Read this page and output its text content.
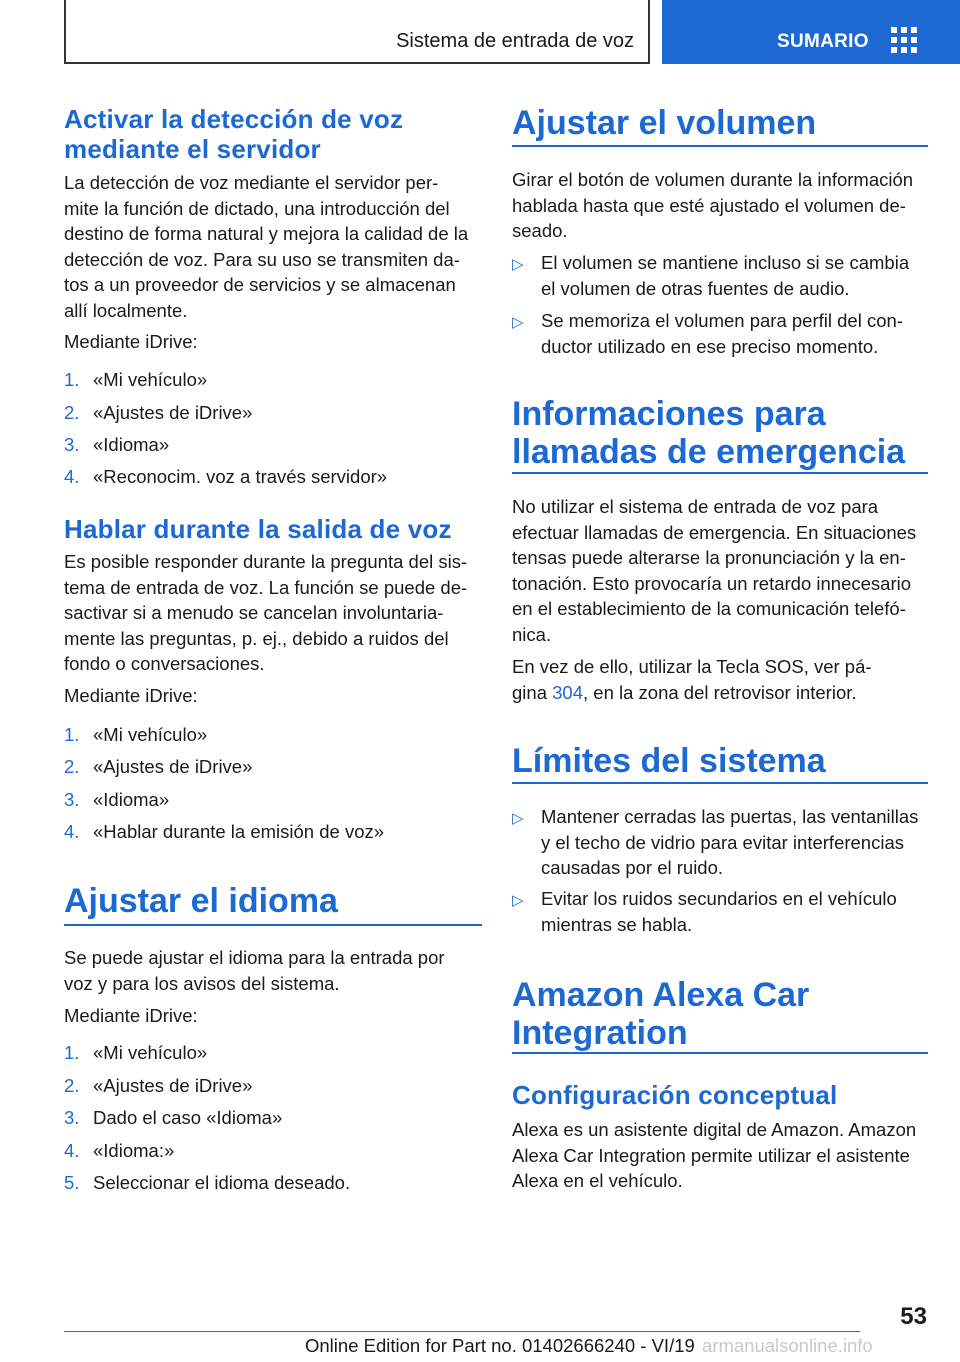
Sistema de entrada de voz	SUMARIO
Activar la detección de voz
mediante el servidor
La detección de voz mediante el servidor per‐
mite la función de dictado, una introducción del
destino de forma natural y mejora la calidad de la
detección de voz. Para su uso se transmiten da‐
tos a un proveedor de servicios y se almacenan
allí localmente.
Mediante iDrive:
1. «Mi vehículo»
2. «Ajustes de iDrive»
3. «Idioma»
4. «Reconocim. voz a través servidor»
Hablar durante la salida de voz
Es posible responder durante la pregunta del sis‐
tema de entrada de voz. La función se puede de‐
sactivar si a menudo se cancelan involuntaria‐
mente las preguntas, p. ej., debido a ruidos del
fondo o conversaciones.
Mediante iDrive:
1. «Mi vehículo»
2. «Ajustes de iDrive»
3. «Idioma»
4. «Hablar durante la emisión de voz»
Ajustar el idioma
Se puede ajustar el idioma para la entrada por
voz y para los avisos del sistema.
Mediante iDrive:
1. «Mi vehículo»
2. «Ajustes de iDrive»
3. Dado el caso «Idioma»
4. «Idioma:»
5. Seleccionar el idioma deseado.
Ajustar el volumen
Girar el botón de volumen durante la información
hablada hasta que esté ajustado el volumen de‐
seado.
▷ El volumen se mantiene incluso si se cambia
el volumen de otras fuentes de audio.
▷ Se memoriza el volumen para perfil del con‐
ductor utilizado en ese preciso momento.
Informaciones para
llamadas de emergencia
No utilizar el sistema de entrada de voz para
efectuar llamadas de emergencia. En situaciones
tensas puede alterarse la pronunciación y la en‐
tonación. Esto provocaría un retardo innecesario
en el establecimiento de la comunicación telefó‐
nica.
En vez de ello, utilizar la Tecla SOS, ver pá‐
gina 304, en la zona del retrovisor interior.
Límites del sistema
▷ Mantener cerradas las puertas, las ventanillas
y el techo de vidrio para evitar interferencias
causadas por el ruido.
▷ Evitar los ruidos secundarios en el vehículo
mientras se habla.
Amazon Alexa Car
Integration
Configuración conceptual
Alexa es un asistente digital de Amazon. Amazon
Alexa Car Integration permite utilizar el asistente
Alexa en el vehículo.
53
Online Edition for Part no. 01402666240 - VI/19 armanualsonline.info
